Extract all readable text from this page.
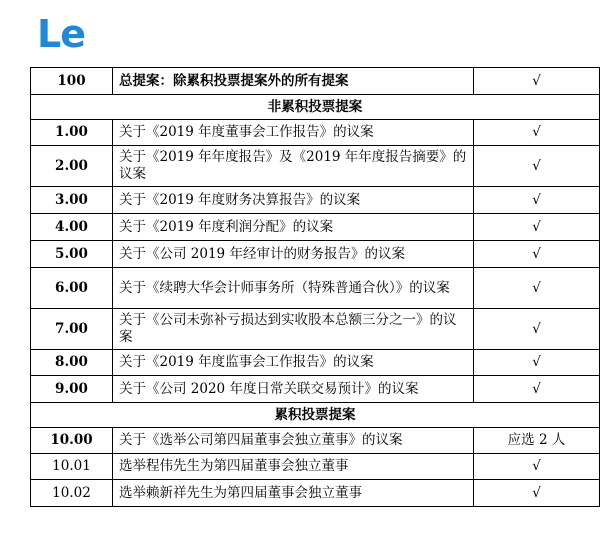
Le
100	总提案：除累积投票提案外的所有提案	√
非累积投票提案		
1.00	关于《2019 年度董事会工作报告》的议案	√
2.00	关于《2019 年年度报告》及《2019 年年度报告摘要》的议案	√
3.00	关于《2019 年度财务决算报告》的议案	√
4.00	关于《2019 年度利润分配》的议案	√
5.00	关于《公司 2019 年经审计的财务报告》的议案	√
6.00	关于《续聘大华会计师事务所（特殊普通合伙）》的议案	√
7.00	关于《公司未弥补亏损达到实收股本总额三分之一》的议案	√
8.00	关于《2019 年度监事会工作报告》的议案	√
9.00	关于《公司 2020 年度日常关联交易预计》的议案	√
累积投票提案		
10.00	关于《选举公司第四届董事会独立董事》的议案	应选 2 人
10.01	选举程伟先生为第四届董事会独立董事	√
10.02	选举赖新祥先生为第四届董事会独立董事	√
